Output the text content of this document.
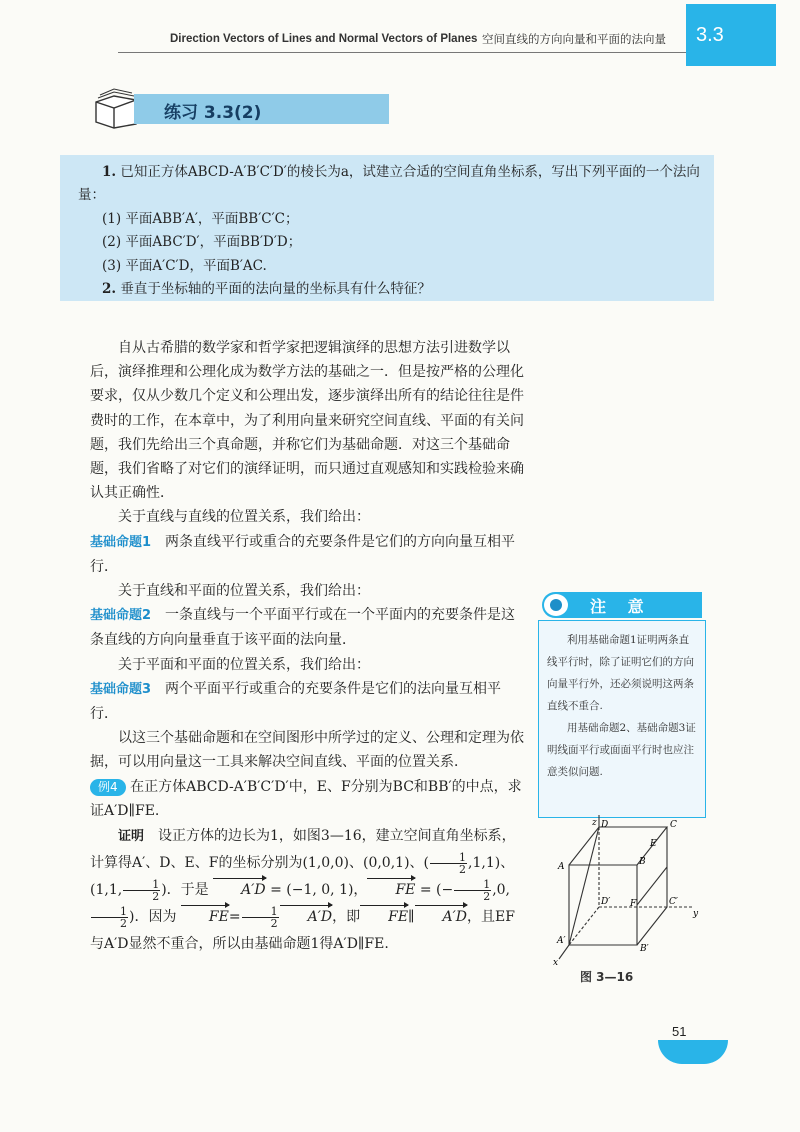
Direction Vectors of Lines and Normal Vectors of Planes 空间直线的方向向量和平面的法向量	3.3
练习 3.3(2)

1. 已知正方体ABCD-A′B′C′D′的棱长为a，试建立合适的空间直角坐标系，写出下列平面的一个法向量：

(1) 平面ABB′A′，平面BB′C′C；

(2) 平面ABC′D′，平面BB′D′D；

(3) 平面A′C′D，平面B′AC.

2. 垂直于坐标轴的平面的法向量的坐标具有什么特征？

自从古希腊的数学家和哲学家把逻辑演绎的思想方法引进数学以后，演绎推理和公理化成为数学方法的基础之一．但是按严格的公理化要求，仅从少数几个定义和公理出发，逐步演绎出所有的结论往往是件费时的工作，在本章中，为了利用向量来研究空间直线、平面的有关问题，我们先给出三个真命题，并称它们为基础命题．对这三个基础命题，我们省略了对它们的演绎证明，而只通过直观感知和实践检验来确认其正确性．

关于直线与直线的位置关系，我们给出：

基础命题1　 两条直线平行或重合的充要条件是它们的方向向量互相平行．

关于直线和平面的位置关系，我们给出：

基础命题2　 一条直线与一个平面平行或在一个平面内的充要条件是这条直线的方向向量垂直于该平面的法向量．

关于平面和平面的位置关系，我们给出：

基础命题3　 两个平面平行或重合的充要条件是它们的法向量互相平行．

以这三个基础命题和在空间图形中所学过的定义、公理和定理为依据，可以用向量这一工具来解决空间直线、平面的位置关系．

例4 在正方体ABCD-A′B′C′D′中，E、F分别为BC和BB′的中点，求证A′D∥FE.

证明　 设正方体的边长为1，如图3—16，建立空间直角坐标系，计算得A′、D、E、F的坐标分别为(1,0,0)、(0,0,1)、( $\frac{1}{2} ,1,1$)、(1,1, $\frac{1}{2}$ )．于是 A′D = (−1, 0, 1)， FE = (− $\frac{1}{2} ,0$,
$\frac{1}{2}$ )．因为 $FE= \frac{1}{2} A'D$，即 FE∥ A′D，且EF与A′D显然不重合，所以由基础命题1得A′D∥FE.

注 意

利用基础命题1证明两条直线平行时，除了证明它们的方向向量平行外，还必须说明这两条直线不重合.

用基础命题2、基础命题3证明线面平行或面面平行时也应注意类似问题.

z D	C
E
B
A
F
D′	C′
y
A′
B′
x
图 3—16
51
